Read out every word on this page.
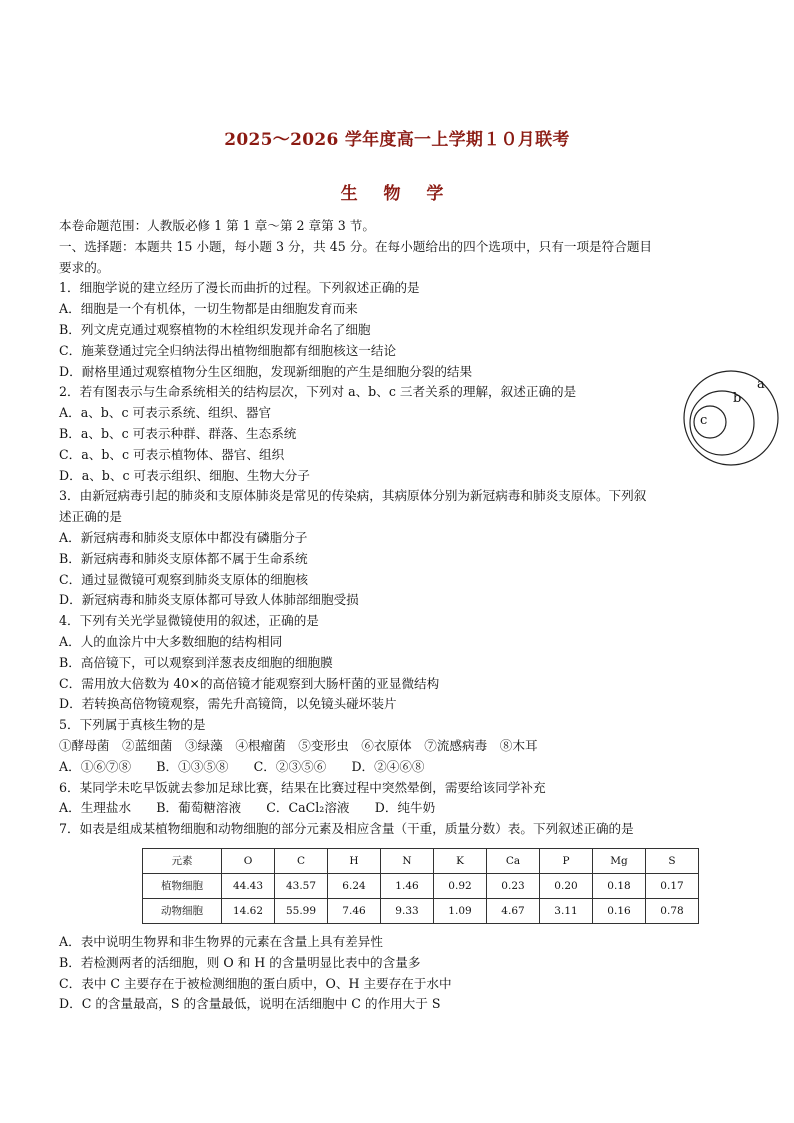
2025～2026 学年度高一上学期１０月联考
生 物 学
本卷命题范围：人教版必修 1 第 1 章～第 2 章第 3 节。
一、选择题：本题共 15 小题，每小题 3 分，共 45 分。在每小题给出的四个选项中，只有一项是符合题目
要求的。
1．细胞学说的建立经历了漫长而曲折的过程。下列叙述正确的是
A．细胞是一个有机体，一切生物都是由细胞发育而来
B．列文虎克通过观察植物的木栓组织发现并命名了细胞
C．施莱登通过完全归纳法得出植物细胞都有细胞核这一结论
D．耐格里通过观察植物分生区细胞，发现新细胞的产生是细胞分裂的结果
2．若有图表示与生命系统相关的结构层次，下列对 a、b、c 三者关系的理解，叙述正确的是
A．a、b、c 可表示系统、组织、器官
B．a、b、c 可表示种群、群落、生态系统
C．a、b、c 可表示植物体、器官、组织
D．a、b、c 可表示组织、细胞、生物大分子
3．由新冠病毒引起的肺炎和支原体肺炎是常见的传染病，其病原体分别为新冠病毒和肺炎支原体。下列叙
述正确的是
A．新冠病毒和肺炎支原体中都没有磷脂分子
B．新冠病毒和肺炎支原体都不属于生命系统
C．通过显微镜可观察到肺炎支原体的细胞核
D．新冠病毒和肺炎支原体都可导致人体肺部细胞受损
4．下列有关光学显微镜使用的叙述，正确的是
A．人的血涂片中大多数细胞的结构相同
B．高倍镜下，可以观察到洋葱表皮细胞的细胞膜
C．需用放大倍数为 40×的高倍镜才能观察到大肠杆菌的亚显微结构
D．若转换高倍物镜观察，需先升高镜筒，以免镜头碰坏装片
5．下列属于真核生物的是
①酵母菌　②蓝细菌　③绿藻　④根瘤菌　⑤变形虫　⑥衣原体　⑦流感病毒　⑧木耳
A．①⑥⑦⑧　　B．①③⑤⑧　　C．②③⑤⑥　　D．②④⑥⑧
6．某同学未吃早饭就去参加足球比赛，结果在比赛过程中突然晕倒，需要给该同学补充
A．生理盐水　　B．葡萄糖溶液　　C．CaCl₂溶液　　D．纯牛奶
7．如表是组成某植物细胞和动物细胞的部分元素及相应含量（干重，质量分数）表。下列叙述正确的是
元素	O	C	H	N	K	Ca	P	Mg	S
植物细胞	44.43	43.57	6.24	1.46	0.92	0.23	0.20	0.18	0.17
动物细胞	14.62	55.99	7.46	9.33	1.09	4.67	3.11	0.16	0.78
A．表中说明生物界和非生物界的元素在含量上具有差异性
B．若检测两者的活细胞，则 O 和 H 的含量明显比表中的含量多
C．表中 C 主要存在于被检测细胞的蛋白质中，O、H 主要存在于水中
D．C 的含量最高，S 的含量最低，说明在活细胞中 C 的作用大于 S
a
b
c
